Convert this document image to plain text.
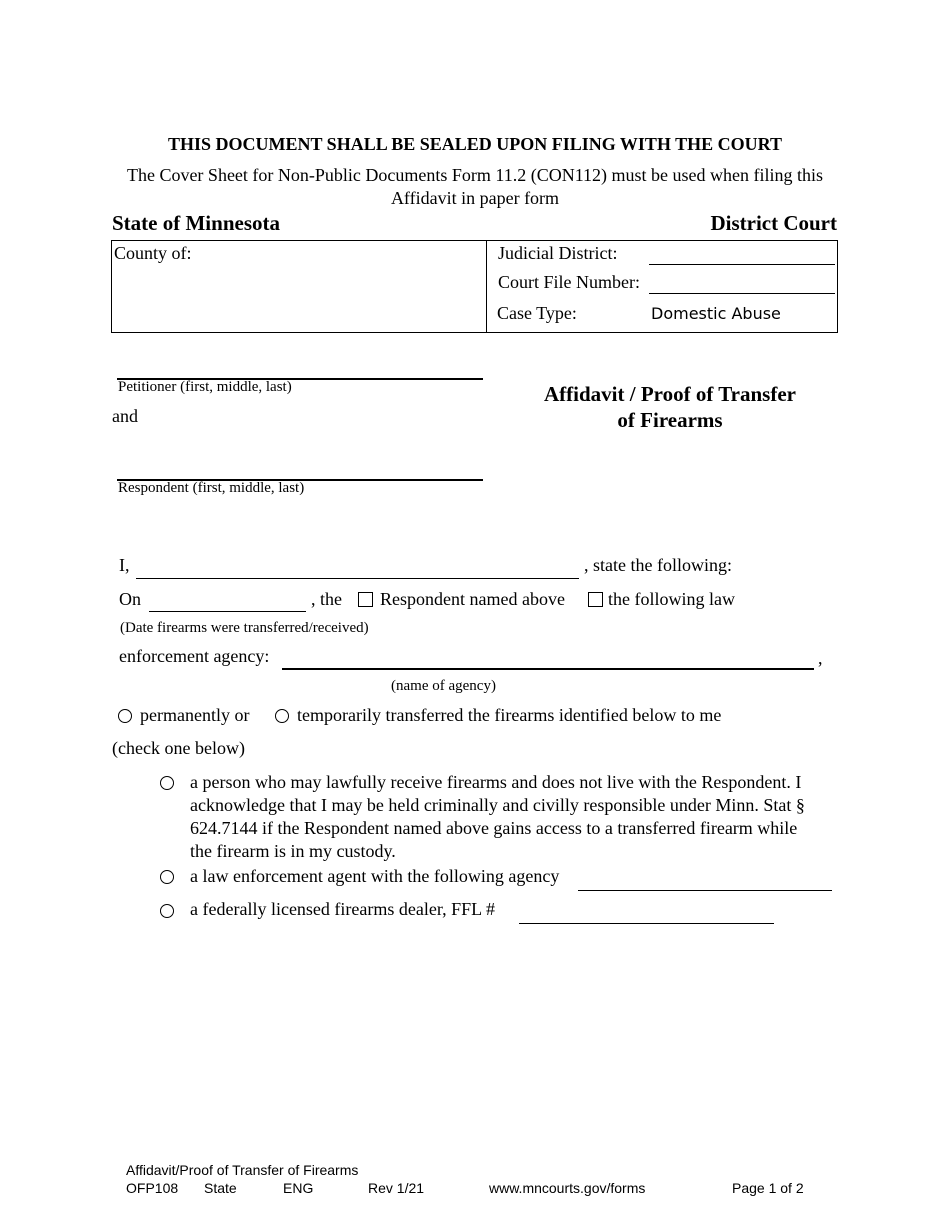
THIS DOCUMENT SHALL BE SEALED UPON FILING WITH THE COURT
The Cover Sheet for Non-Public Documents Form 11.2 (CON112) must be used when filing this
Affidavit in paper form
State of Minnesota	District Court
County of:	Judicial District:
Court File Number:
Case Type:	Domestic Abuse
Petitioner (first, middle, last)
and
Respondent (first, middle, last)
Affidavit / Proof of Transfer
of Firearms
I,	, state the following:
On	, the Respondent named above the following law
(Date firearms were transferred/received)
enforcement agency:	,
(name of agency)
permanently or	temporarily transferred the firearms identified below to me
(check one below)
a person who may lawfully receive firearms and does not live with the Respondent. I
acknowledge that I may be held criminally and civilly responsible under Minn. Stat §
624.7144 if the Respondent named above gains access to a transferred firearm while
the firearm is in my custody.
a law enforcement agent with the following agency
a federally licensed firearms dealer, FFL #
Affidavit/Proof of Transfer of Firearms
OFP108 State	ENG	Rev 1/21	www.mncourts.gov/forms	Page 1 of 2
